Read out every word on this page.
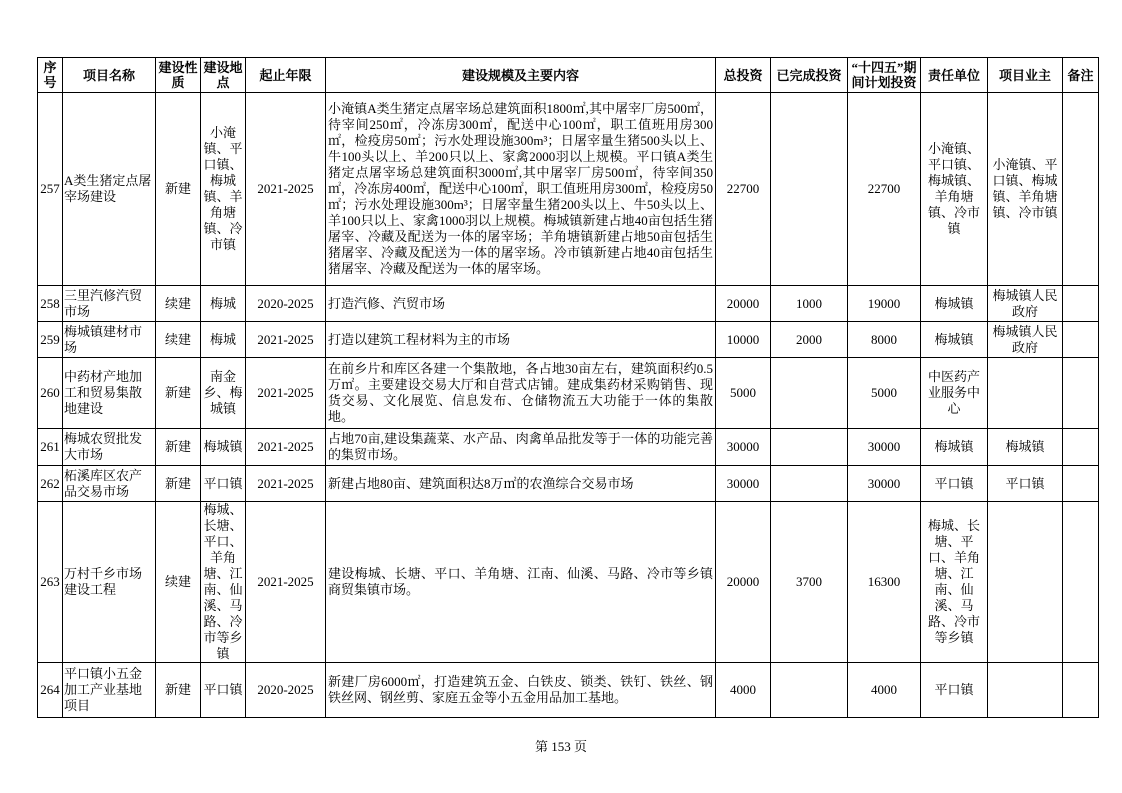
序号	项目名称	建设性质	建设地点	起止年限	建设规模及主要内容	总投资	已完成投资	“十四五”期间计划投资	责任单位	项目业主	备注
257	A类生猪定点屠宰场建设	新建	小淹镇、平口镇、梅城镇、羊角塘镇、冷市镇	2021-2025	小淹镇A类生猪定点屠宰场总建筑面积1800㎡,其中屠宰厂房500㎡，待宰间250㎡，冷冻房300㎡，配送中心100㎡，职工值班用房300㎡，检疫房50㎡；污水处理设施300m³；日屠宰量生猪500头以上、牛100头以上、羊200只以上、家禽2000羽以上规模。平口镇A类生猪定点屠宰场总建筑面积3000㎡,其中屠宰厂房500㎡，待宰间350㎡，冷冻房400㎡，配送中心100㎡，职工值班用房300㎡，检疫房50㎡；污水处理设施300m³；日屠宰量生猪200头以上、牛50头以上、羊100只以上、家禽1000羽以上规模。梅城镇新建占地40亩包括生猪屠宰、冷藏及配送为一体的屠宰场；羊角塘镇新建占地50亩包括生猪屠宰、冷藏及配送为一体的屠宰场。冷市镇新建占地40亩包括生猪屠宰、冷藏及配送为一体的屠宰场。	22700		22700	小淹镇、平口镇、梅城镇、羊角塘镇、冷市镇	小淹镇、平口镇、梅城镇、羊角塘镇、冷市镇	
258	三里汽修汽贸市场	续建	梅城	2020-2025	打造汽修、汽贸市场	20000	1000	19000	梅城镇	梅城镇人民政府	
259	梅城镇建材市场	续建	梅城	2021-2025	打造以建筑工程材料为主的市场	10000	2000	8000	梅城镇	梅城镇人民政府	
260	中药材产地加工和贸易集散地建设	新建	南金乡、梅城镇	2021-2025	在前乡片和库区各建一个集散地，各占地30亩左右，建筑面积约0.5万㎡。主要建设交易大厅和自营式店铺。建成集药材采购销售、现货交易、文化展览、信息发布、仓储物流五大功能于一体的集散地。	5000		5000	中医药产业服务中心		
261	梅城农贸批发大市场	新建	梅城镇	2021-2025	占地70亩,建设集蔬菜、水产品、肉禽单品批发等于一体的功能完善的集贸市场。	30000		30000	梅城镇	梅城镇	
262	柘溪库区农产品交易市场	新建	平口镇	2021-2025	新建占地80亩、建筑面积达8万㎡的农渔综合交易市场	30000		30000	平口镇	平口镇	
263	万村千乡市场建设工程	续建	梅城、长塘、平口、羊角塘、江南、仙溪、马路、冷市等乡镇	2021-2025	建设梅城、长塘、平口、羊角塘、江南、仙溪、马路、冷市等乡镇商贸集镇市场。	20000	3700	16300	梅城、长塘、平口、羊角塘、江南、仙溪、马路、冷市等乡镇		
264	平口镇小五金加工产业基地项目	新建	平口镇	2020-2025	新建厂房6000㎡，打造建筑五金、白铁皮、锁类、铁钉、铁丝、钢铁丝网、钢丝剪、家庭五金等小五金用品加工基地。	4000		4000	平口镇		
第 153 页
